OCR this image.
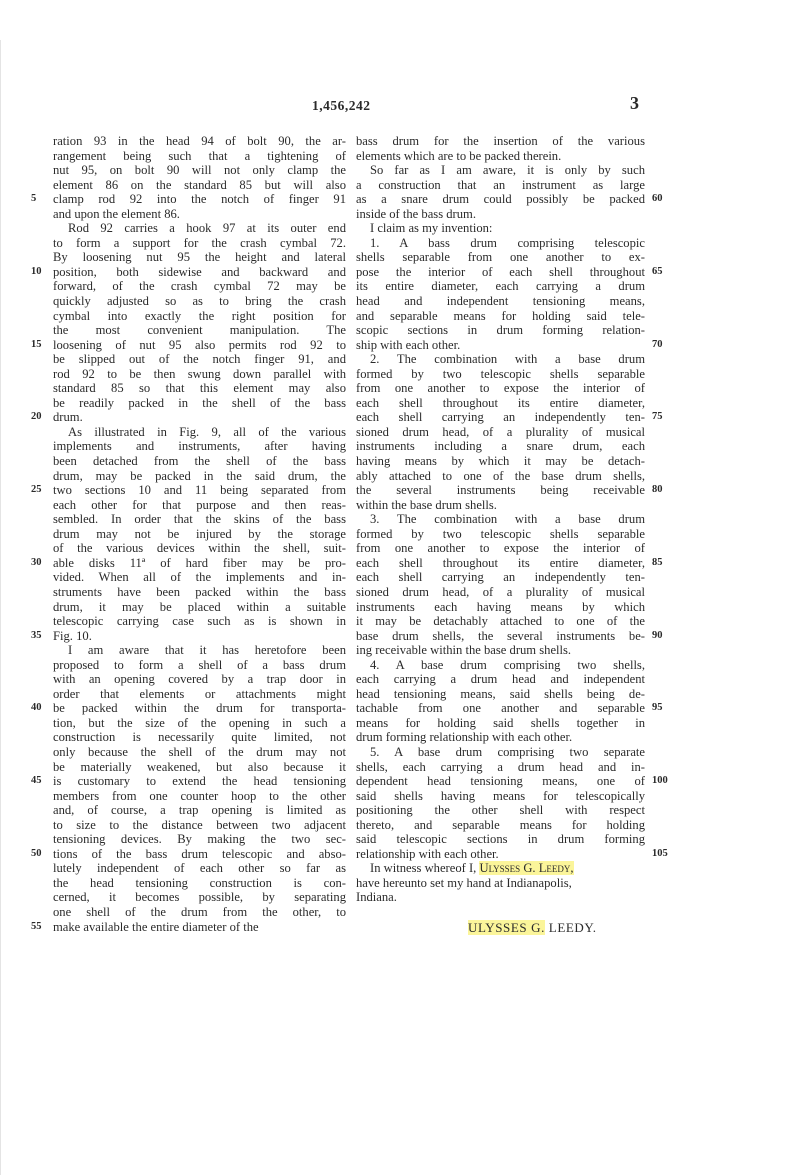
1,456,242	3
ration 93 in the head 94 of bolt 90, the ar-
rangement being such that a tightening of
nut 95, on bolt 90 will not only clamp the
element 86 on the standard 85 but will also
clamp rod 92 into the notch of finger 91
and upon the element 86.
Rod 92 carries a hook 97 at its outer end
to form a support for the crash cymbal 72.
By loosening nut 95 the height and lateral
position, both sidewise and backward and
forward, of the crash cymbal 72 may be
quickly adjusted so as to bring the crash
cymbal into exactly the right position for
the most convenient manipulation. The
loosening of nut 95 also permits rod 92 to
be slipped out of the notch finger 91, and
rod 92 to be then swung down parallel with
standard 85 so that this element may also
be readily packed in the shell of the bass
drum.
As illustrated in Fig. 9, all of the various
implements and instruments, after having
been detached from the shell of the bass
drum, may be packed in the said drum, the
two sections 10 and 11 being separated from
each other for that purpose and then reas-
sembled. In order that the skins of the bass
drum may not be injured by the storage
of the various devices within the shell, suit-
able disks 11ª of hard fiber may be pro-
vided. When all of the implements and in-
struments have been packed within the bass
drum, it may be placed within a suitable
telescopic carrying case such as is shown in
Fig. 10.
I am aware that it has heretofore been
proposed to form a shell of a bass drum
with an opening covered by a trap door in
order that elements or attachments might
be packed within the drum for transporta-
tion, but the size of the opening in such a
construction is necessarily quite limited, not
only because the shell of the drum may not
be materially weakened, but also because it
is customary to extend the head tensioning
members from one counter hoop to the other
and, of course, a trap opening is limited as
to size to the distance between two adjacent
tensioning devices. By making the two sec-
tions of the bass drum telescopic and abso-
lutely independent of each other so far as
the head tensioning construction is con-
cerned, it becomes possible, by separating
one shell of the drum from the other, to
make available the entire diameter of the
bass drum for the insertion of the various
elements which are to be packed therein.
So far as I am aware, it is only by such
a construction that an instrument as large
as a snare drum could possibly be packed
inside of the bass drum.
I claim as my invention:
1. A bass drum comprising telescopic
shells separable from one another to ex-
pose the interior of each shell throughout
its entire diameter, each carrying a drum
head and independent tensioning means,
and separable means for holding said tele-
scopic sections in drum forming relation-
ship with each other.
2. The combination with a base drum
formed by two telescopic shells separable
from one another to expose the interior of
each shell throughout its entire diameter,
each shell carrying an independently ten-
sioned drum head, of a plurality of musical
instruments including a snare drum, each
having means by which it may be detach-
ably attached to one of the base drum shells,
the several instruments being receivable
within the base drum shells.
3. The combination with a base drum
formed by two telescopic shells separable
from one another to expose the interior of
each shell throughout its entire diameter,
each shell carrying an independently ten-
sioned drum head, of a plurality of musical
instruments each having means by which
it may be detachably attached to one of the
base drum shells, the several instruments be-
ing receivable within the base drum shells.
4. A base drum comprising two shells,
each carrying a drum head and independent
head tensioning means, said shells being de-
tachable from one another and separable
means for holding said shells together in
drum forming relationship with each other.
5. A base drum comprising two separate
shells, each carrying a drum head and in-
dependent head tensioning means, one of
said shells having means for telescopically
positioning the other shell with respect
thereto, and separable means for holding
said telescopic sections in drum forming
relationship with each other.
In witness whereof I, Ulysses G. Leedy,
have hereunto set my hand at Indianapolis,
Indiana.
ULYSSES G. LEEDY.
5
10
15
20
25
30
35
40
45
50
55
60
65
70
75
80
85
90
95
100
105
